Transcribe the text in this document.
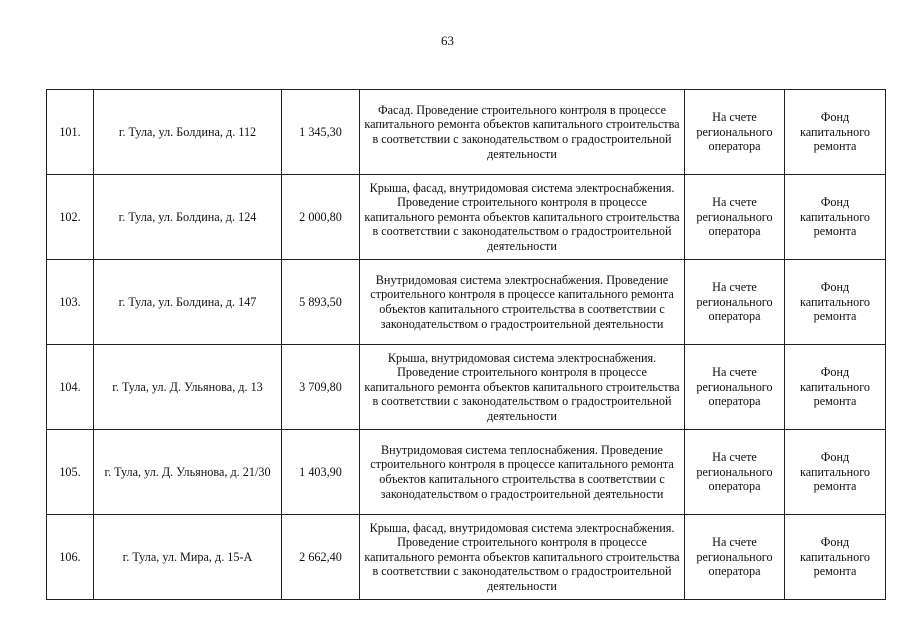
63
101.	г. Тула, ул. Болдина, д. 112	1 345,30	Фасад. Проведение строительного контроля в процессе капитального ремонта объектов капитального строительства в соответствии с законодательством о градостроительной деятельности	На счете регионального оператора	Фонд капитального ремонта
102.	г. Тула, ул. Болдина, д. 124	2 000,80	Крыша, фасад, внутридомовая система электроснабжения. Проведение строительного контроля в процессе капитального ремонта объектов капитального строительства в соответствии с законодательством о градостроительной деятельности	На счете регионального оператора	Фонд капитального ремонта
103.	г. Тула, ул. Болдина, д. 147	5 893,50	Внутридомовая система электроснабжения. Проведение строительного контроля в процессе капитального ремонта объектов капитального строительства в соответствии с законодательством о градостроительной деятельности	На счете регионального оператора	Фонд капитального ремонта
104.	г. Тула, ул. Д. Ульянова, д. 13	3 709,80	Крыша, внутридомовая система электроснабжения. Проведение строительного контроля в процессе капитального ремонта объектов капитального строительства в соответствии с законодательством о градостроительной деятельности	На счете регионального оператора	Фонд капитального ремонта
105.	г. Тула, ул. Д. Ульянова, д. 21/30	1 403,90	Внутридомовая система теплоснабжения. Проведение строительного контроля в процессе капитального ремонта объектов капитального строительства в соответствии с законодательством о градостроительной деятельности	На счете регионального оператора	Фонд капитального ремонта
106.	г. Тула, ул. Мира, д. 15-А	2 662,40	Крыша, фасад, внутридомовая система электроснабжения. Проведение строительного контроля в процессе капитального ремонта объектов капитального строительства в соответствии с законодательством о градостроительной деятельности	На счете регионального оператора	Фонд капитального ремонта
